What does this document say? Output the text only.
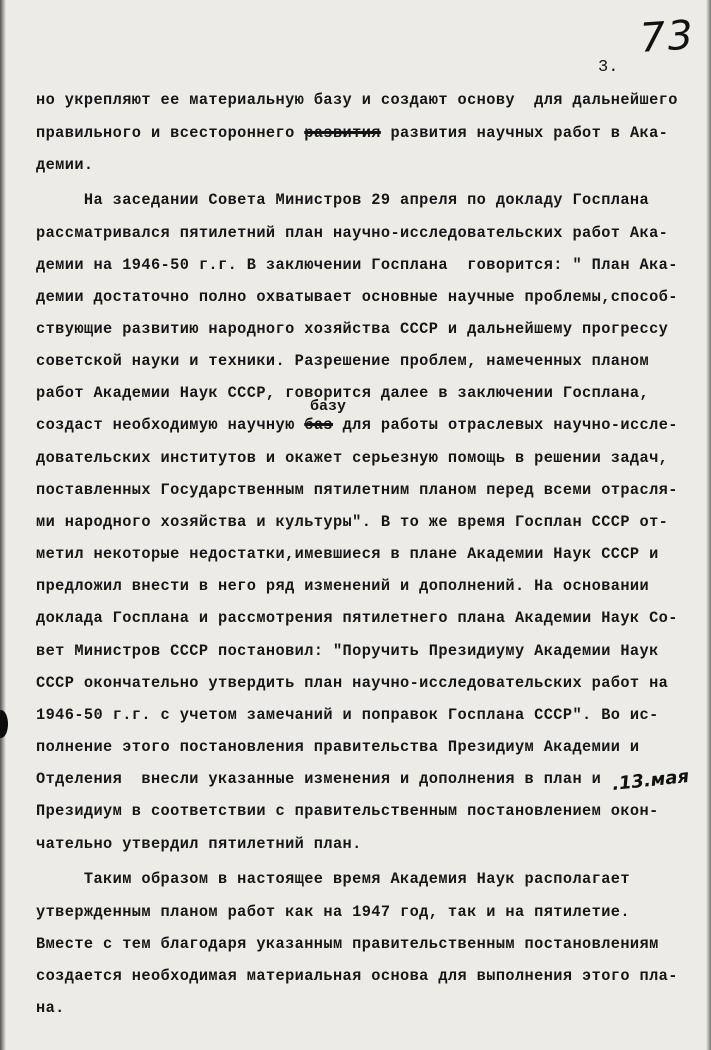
73
3.
базу
.13.мая
но укрепляют ее материальную базу и создают основу  для дальнейшего
правильного и всестороннего развития развития научных работ в Ака-
демии.
На заседании Совета Министров 29 апреля по докладу Госплана
рассматривался пятилетний план научно-исследовательских работ Ака-
демии на 1946-50 г.г. В заключении Госплана  говорится: " План Ака-
демии достаточно полно охватывает основные научные проблемы,способ-
ствующие развитию народного хозяйства СССР и дальнейшему прогрессу
советской науки и техники. Разрешение проблем, намеченных планом
работ Академии Наук СССР, говорится далее в заключении Госплана,
создаст необходимую научную баз для работы отраслевых научно-иссле-
довательских институтов и окажет серьезную помощь в решении задач,
поставленных Государственным пятилетним планом перед всеми отрасля-
ми народного хозяйства и культуры". В то же время Госплан СССР от-
метил некоторые недостатки,имевшиеся в плане Академии Наук СССР и
предложил внести в него ряд изменений и дополнений. На основании
доклада Госплана и рассмотрения пятилетнего плана Академии Наук Со-
вет Министров СССР постановил: "Поручить Президиуму Академии Наук
СССР окончательно утвердить план научно-исследовательских работ на
1946-50 г.г. с учетом замечаний и поправок Госплана СССР". Во ис-
полнение этого постановления правительства Президиум Академии и
Отделения  внесли указанные изменения и дополнения в план и
Президиум в соответствии с правительственным постановлением окон-
чательно утвердил пятилетний план.
Таким образом в настоящее время Академия Наук располагает
утвержденным планом работ как на 1947 год, так и на пятилетие.
Вместе с тем благодаря указанным правительственным постановлениям
создается необходимая материальная основа для выполнения этого пла-
на.
